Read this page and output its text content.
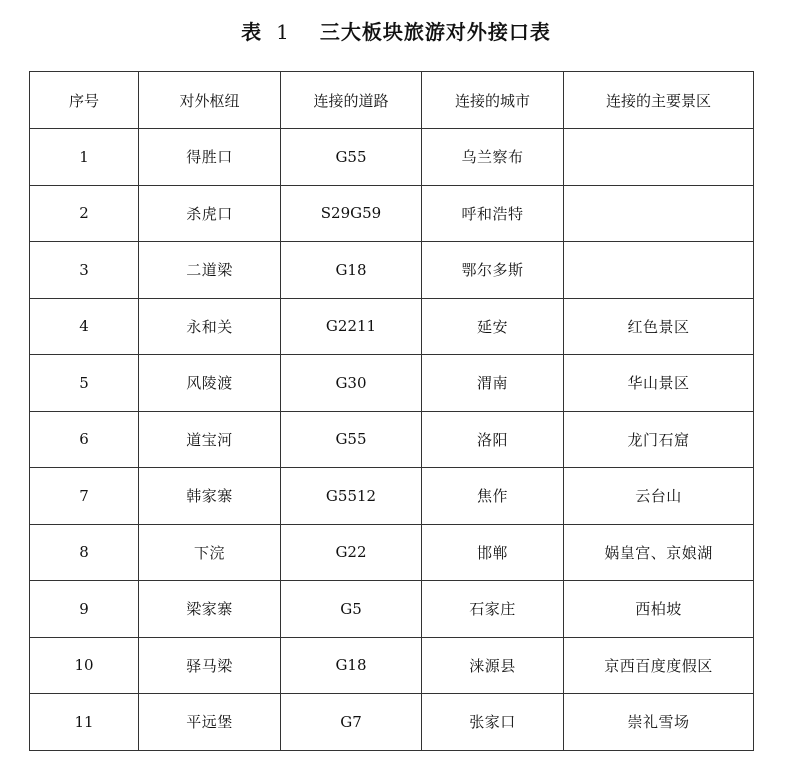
表 1 三大板块旅游对外接口表
序号	对外枢纽	连接的道路	连接的城市	连接的主要景区
1	得胜口	G55	乌兰察布	
2	杀虎口	S29G59	呼和浩特	
3	二道梁	G18	鄂尔多斯	
4	永和关	G2211	延安	红色景区
5	风陵渡	G30	渭南	华山景区
6	道宝河	G55	洛阳	龙门石窟
7	韩家寨	G5512	焦作	云台山
8	下浣	G22	邯郸	娲皇宫、京娘湖
9	梁家寨	G5	石家庄	西柏坡
10	驿马梁	G18	涞源县	京西百度度假区
11	平远堡	G7	张家口	崇礼雪场
